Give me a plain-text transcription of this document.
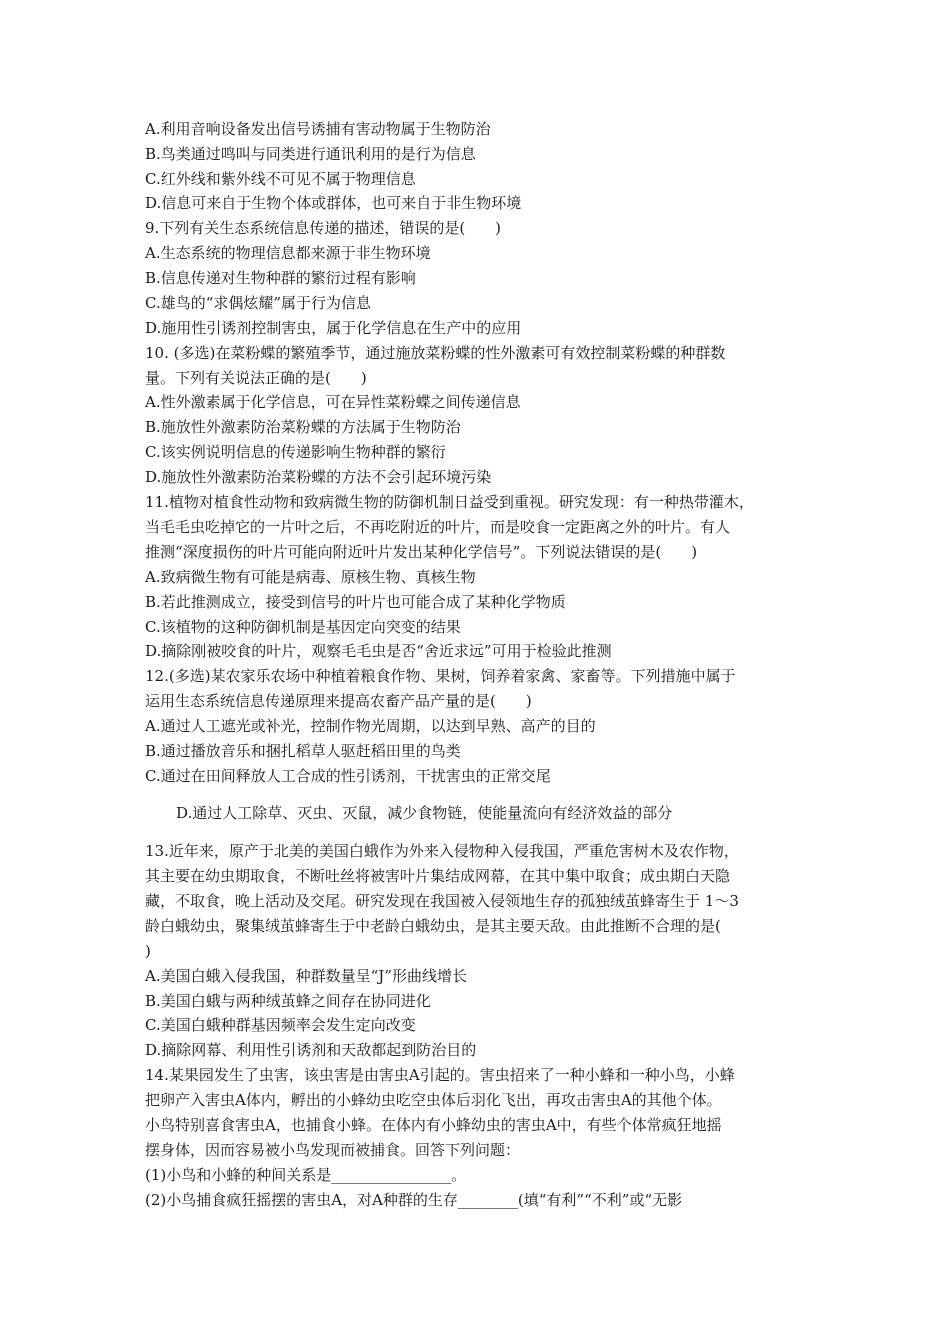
A.利用音响设备发出信号诱捕有害动物属于生物防治
B.鸟类通过鸣叫与同类进行通讯利用的是行为信息
C.红外线和紫外线不可见不属于物理信息
D.信息可来自于生物个体或群体，也可来自于非生物环境
9.下列有关生态系统信息传递的描述，错误的是(　　)
A.生态系统的物理信息都来源于非生物环境
B.信息传递对生物种群的繁衍过程有影响
C.雄鸟的“求偶炫耀”属于行为信息
D.施用性引诱剂控制害虫，属于化学信息在生产中的应用
10. (多选)在菜粉蝶的繁殖季节，通过施放菜粉蝶的性外激素可有效控制菜粉蝶的种群数
量。下列有关说法正确的是(　　)
A.性外激素属于化学信息，可在异性菜粉蝶之间传递信息
B.施放性外激素防治菜粉蝶的方法属于生物防治
C.该实例说明信息的传递影响生物种群的繁衍
D.施放性外激素防治菜粉蝶的方法不会引起环境污染
11.植物对植食性动物和致病微生物的防御机制日益受到重视。研究发现：有一种热带灌木，
当毛毛虫吃掉它的一片叶之后，不再吃附近的叶片，而是咬食一定距离之外的叶片。有人
推测“深度损伤的叶片可能向附近叶片发出某种化学信号”。下列说法错误的是(　　)
A.致病微生物有可能是病毒、原核生物、真核生物
B.若此推测成立，接受到信号的叶片也可能合成了某种化学物质
C.该植物的这种防御机制是基因定向突变的结果
D.摘除刚被咬食的叶片，观察毛毛虫是否“舍近求远”可用于检验此推测
12.(多选)某农家乐农场中种植着粮食作物、果树，饲养着家禽、家畜等。下列措施中属于
运用生态系统信息传递原理来提高农畜产品产量的是(　　)
A.通过人工遮光或补光，控制作物光周期，以达到早熟、高产的目的
B.通过播放音乐和捆扎稻草人驱赶稻田里的鸟类
C.通过在田间释放人工合成的性引诱剂，干扰害虫的正常交尾
D.通过人工除草、灭虫、灭鼠，减少食物链，使能量流向有经济效益的部分
13.近年来，原产于北美的美国白蛾作为外来入侵物种入侵我国，严重危害树木及农作物，
其主要在幼虫期取食，不断吐丝将被害叶片集结成网幕，在其中集中取食；成虫期白天隐
藏，不取食，晚上活动及交尾。研究发现在我国被入侵领地生存的孤独绒茧蜂寄生于 1～3
龄白蛾幼虫，聚集绒茧蜂寄生于中老龄白蛾幼虫，是其主要天敌。由此推断不合理的是(
)
A.美国白蛾入侵我国，种群数量呈“J”形曲线增长
B.美国白蛾与两种绒茧蜂之间存在协同进化
C.美国白蛾种群基因频率会发生定向改变
D.摘除网幕、利用性引诱剂和天敌都起到防治目的
14.某果园发生了虫害，该虫害是由害虫A引起的。害虫招来了一种小蜂和一种小鸟，小蜂
把卵产入害虫A体内，孵出的小蜂幼虫吃空虫体后羽化飞出，再攻击害虫A的其他个体。
小鸟特别喜食害虫A，也捕食小蜂。在体内有小蜂幼虫的害虫A中，有些个体常疯狂地摇
摆身体，因而容易被小鸟发现而被捕食。回答下列问题：
(1)小鸟和小蜂的种间关系是________________。
(2)小鸟捕食疯狂摇摆的害虫A，对A种群的生存________(填“有利”“不利”或“无影
